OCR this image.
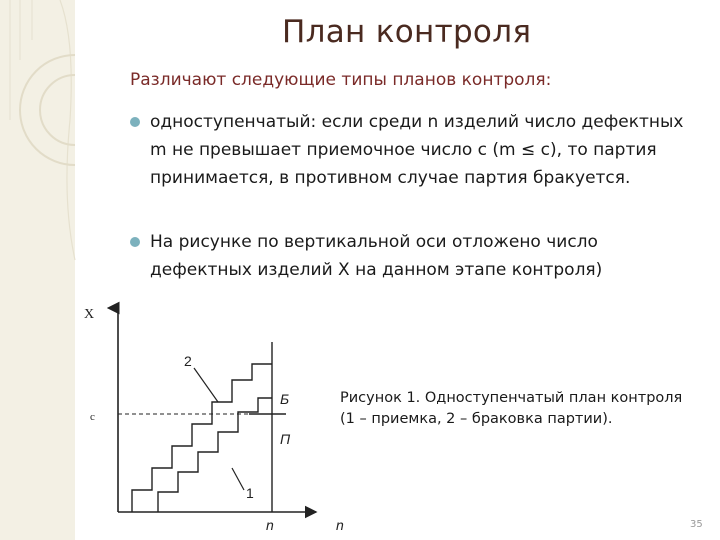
План контроля
Различают следующие типы планов контроля:
одноступенчатый: если среди n изделий число дефектных m не превышает приемочное число c (m ≤ c), то партия принимается, в противном случае партия бракуется.
На рисунке по вертикальной оси отложено число дефектных изделий X на данном этапе контроля)
X
c
2
1
Б
П
n	n
Рисунок 1. Одноступенчатый план контроля
(1 – приемка, 2 – браковка партии).
35
